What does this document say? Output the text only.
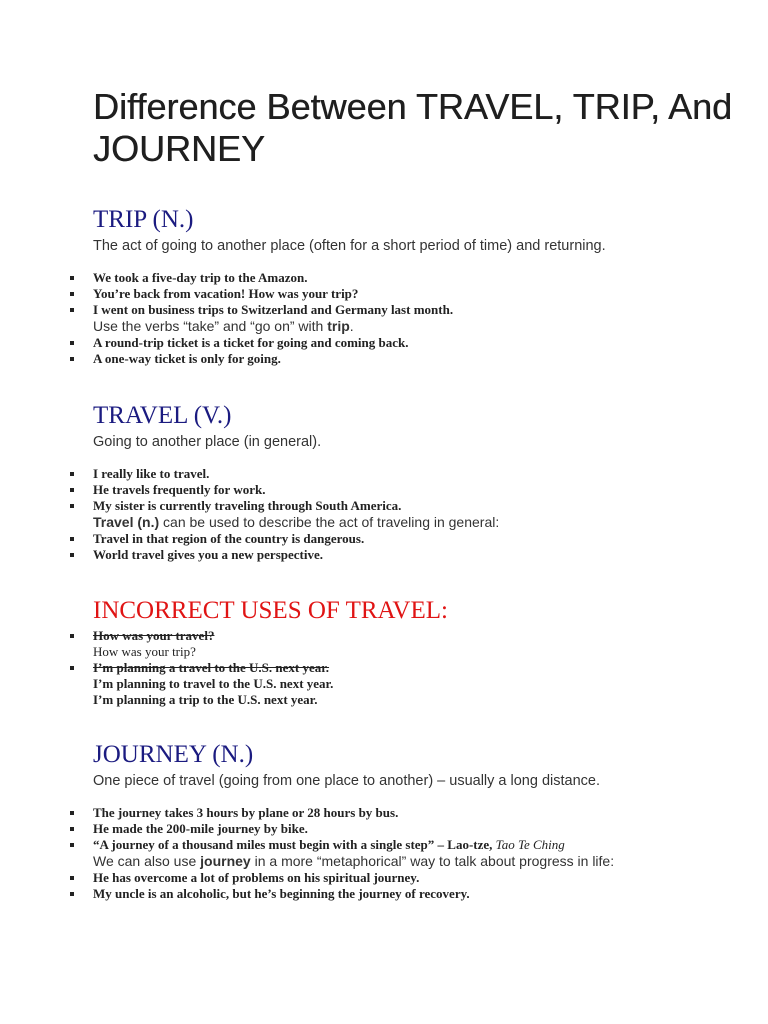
Difference Between TRAVEL, TRIP, And JOURNEY
TRIP (N.)
The act of going to another place (often for a short period of time) and returning.
We took a five-day trip to the Amazon.
You’re back from vacation! How was your trip?
I went on business trips to Switzerland and Germany last month.
Use the verbs “take” and “go on” with trip.
A round-trip ticket is a ticket for going and coming back.
A one-way ticket is only for going.
TRAVEL (V.)
Going to another place (in general).
I really like to travel.
He travels frequently for work.
My sister is currently traveling through South America.
Travel (n.) can be used to describe the act of traveling in general:
Travel in that region of the country is dangerous.
World travel gives you a new perspective.
INCORRECT USES OF TRAVEL:
How was your travel?
How was your trip?
I’m planning a travel to the U.S. next year.
I’m planning to travel to the U.S. next year.
I’m planning a trip to the U.S. next year.
JOURNEY (N.)
One piece of travel (going from one place to another) – usually a long distance.
The journey takes 3 hours by plane or 28 hours by bus.
He made the 200-mile journey by bike.
“A journey of a thousand miles must begin with a single step” – Lao-tze, Tao Te Ching
We can also use journey in a more “metaphorical” way to talk about progress in life:
He has overcome a lot of problems on his spiritual journey.
My uncle is an alcoholic, but he’s beginning the journey of recovery.
